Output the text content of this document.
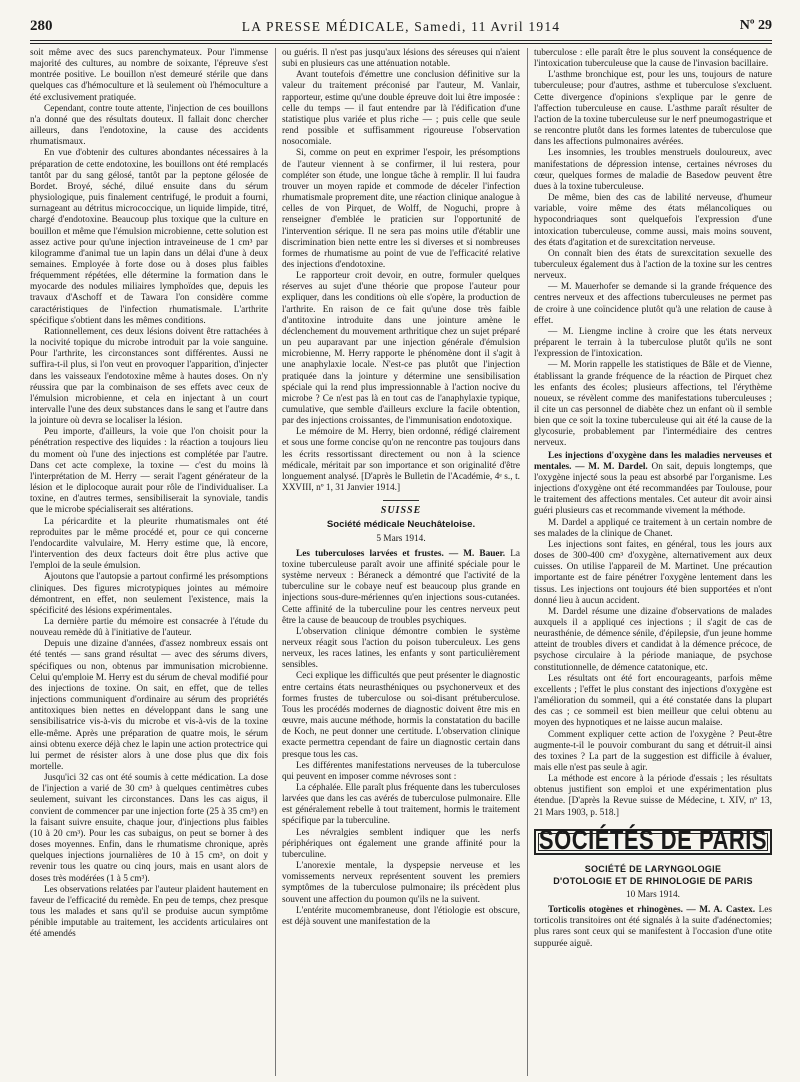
280	LA PRESSE MÉDICALE, Samedi, 11 Avril 1914	Nº 29

soit même avec des sucs parenchymateux. Pour l'immense majorité des cultures, au nombre de soixante, l'épreuve s'est montrée positive. Le bouillon n'est demeuré stérile que dans quelques cas d'hémoculture et là seulement où l'hémoculture a été exclusivement pratiquée.

Cependant, contre toute attente, l'injection de ces bouillons n'a donné que des résultats douteux. Il fallait donc chercher ailleurs, dans l'endotoxine, la cause des accidents rhumatismaux.

En vue d'obtenir des cultures abondantes nécessaires à la préparation de cette endotoxine, les bouillons ont été remplacés tantôt par du sang gélosé, tantôt par la peptone gélosée de Bordet. Broyé, séché, dilué ensuite dans du sérum physiologique, puis finalement centrifugé, le produit a fourni, surnageant au détritus micrococcique, un liquide limpide, titré, chargé d'endotoxine. Beaucoup plus toxique que la culture en bouillon et même que l'émulsion microbienne, cette solution est assez active pour qu'une injection intraveineuse de 1 cm³ par kilogramme d'animal tue un lapin dans un délai d'une à deux semaines. Employée à forte dose ou à doses plus faibles fréquemment répétées, elle détermine la formation dans le myocarde des nodules miliaires lymphoïdes que, depuis les travaux d'Aschoff et de Tawara l'on considère comme caractéristiques de l'infection rhumatismale. L'arthrite spécifique s'obtient dans les mêmes conditions.

Rationnellement, ces deux lésions doivent être rattachées à la nocivité topique du microbe introduit par la voie sanguine. Pour l'arthrite, les circonstances sont différentes. Aussi ne suffira-t-il plus, si l'on veut en provoquer l'apparition, d'injecter dans les vaisseaux l'endotoxine même à hautes doses. On n'y réussira que par la combinaison de ses effets avec ceux de l'émulsion microbienne, et cela en injectant à un court intervalle l'une des deux substances dans le sang et l'autre dans la jointure où devra se localiser la lésion.

Peu importe, d'ailleurs, la voie que l'on choisit pour la pénétration respective des liquides : la réaction a toujours lieu du moment où l'une des injections est complétée par l'autre. Dans cet acte complexe, la toxine — c'est du moins là l'interprétation de M. Herry — serait l'agent générateur de la lésion et le diplocoque aurait pour rôle de l'individualiser. La toxine, en d'autres termes, sensibiliserait la synoviale, tandis que le microbe spécialiserait ses altérations.

La péricardite et la pleurite rhumatismales ont été reproduites par le même procédé et, pour ce qui concerne l'endocardite valvulaire, M. Herry estime que, là encore, l'intervention des deux facteurs doit être plus active que l'emploi de la seule émulsion.

Ajoutons que l'autopsie a partout confirmé les présomptions cliniques. Des figures microtypiques jointes au mémoire démontrent, en effet, non seulement l'existence, mais la spécificité des lésions expérimentales.

La dernière partie du mémoire est consacrée à l'étude du nouveau remède dû à l'initiative de l'auteur.

Depuis une dizaine d'années, d'assez nombreux essais ont été tentés — sans grand résultat — avec des sérums divers, spécifiques ou non, obtenus par immunisation microbienne. Celui qu'emploie M. Herry est du sérum de cheval modifié pour des injections de toxine. On sait, en effet, que de telles injections communiquent d'ordinaire au sérum des propriétés antitoxiques bien nettes en développant dans le sang une sensibilisatrice vis-à-vis du microbe et vis-à-vis de la toxine elle-même. Après une préparation de quatre mois, le sérum ainsi obtenu exerce déjà chez le lapin une action protectrice qui lui permet de résister alors à une dose plus que dix fois mortelle.

Jusqu'ici 32 cas ont été soumis à cette médication. La dose de l'injection a varié de 30 cm³ à quelques centimètres cubes seulement, suivant les circonstances. Dans les cas aigus, il convient de commencer par une injection forte (25 à 35 cm³) en la faisant suivre ensuite, chaque jour, d'injections plus faibles (10 à 20 cm³). Pour les cas subaigus, on peut se borner à des doses moyennes. Enfin, dans le rhumatisme chronique, après quelques injections journalières de 10 à 15 cm³, on doit y revenir tous les quatre ou cinq jours, mais en usant alors de doses très modérées (1 à 5 cm³).

Les observations relatées par l'auteur plaident hautement en faveur de l'efficacité du remède. En peu de temps, chez presque tous les malades et sans qu'il se produise aucun symptôme pénible imputable au traitement, les accidents articulaires ont été amendés

ou guéris. Il n'est pas jusqu'aux lésions des séreuses qui n'aient subi en plusieurs cas une atténuation notable.

Avant toutefois d'émettre une conclusion définitive sur la valeur du traitement préconisé par l'auteur, M. Vanlair, rapporteur, estime qu'une double épreuve doit lui être imposée : celle du temps — il faut entendre par là l'édification d'une statistique plus variée et plus riche — ; puis celle que seule rend possible et suffisamment rigoureuse l'observation nosocomiale.

Si, comme on peut en exprimer l'espoir, les présomptions de l'auteur viennent à se confirmer, il lui restera, pour compléter son étude, une longue tâche à remplir. Il lui faudra trouver un moyen rapide et commode de déceler l'infection rhumatismale proprement dite, une réaction clinique analogue à celles de von Pirquet, de Wolff, de Noguchi, propre à renseigner d'emblée le praticien sur l'opportunité de l'intervention sérique. Il ne sera pas moins utile d'établir une discrimination bien nette entre les si diverses et si nombreuses formes de rhumatisme au point de vue de l'efficacité relative des injections d'endotoxine.

Le rapporteur croit devoir, en outre, formuler quelques réserves au sujet d'une théorie que propose l'auteur pour expliquer, dans les conditions où elle s'opère, la production de l'arthrite. En raison de ce fait qu'une dose très faible d'antitoxine introduite dans une jointure amène le déclenchement du mouvement arthritique chez un sujet préparé un peu auparavant par une injection générale d'émulsion microbienne, M. Herry rapporte le phénomène dont il s'agit à une anaphylaxie locale. N'est-ce pas plutôt que l'injection pratiquée dans la jointure y détermine une sensibilisation spéciale qui la rend plus impressionnable à l'action nocive du microbe ? Ce n'est pas là en tout cas de l'anaphylaxie typique, cumulative, que semble d'ailleurs exclure la facile obtention, par des injections croissantes, de l'immunisation endotoxique.

Le mémoire de M. Herry, bien ordonné, rédigé clairement et sous une forme concise qu'on ne rencontre pas toujours dans les écrits ressortissant directement ou non à la science médicale, méritait par son importance et son originalité d'être longuement analysé. [D'après le Bulletin de l'Académie, 4ᵉ s., t. XXVIII, nº 1, 31 Janvier 1914.]

SUISSE
Société médicale Neuchâteloise.
5 Mars 1914.

Les tuberculoses larvées et frustes. — M. Bauer. La toxine tuberculeuse paraît avoir une affinité spéciale pour le système nerveux : Béraneck a démontré que l'activité de la tuberculine sur le cobaye neuf est beaucoup plus grande en injections sous-dure-mériennes qu'en injections sous-cutanées. Cette affinité de la tuberculine pour les centres nerveux peut être la cause de beaucoup de troubles psychiques.

L'observation clinique démontre combien le système nerveux réagit sous l'action du poison tuberculeux. Les gens nerveux, les races latines, les enfants y sont particulièrement sensibles.

Ceci explique les difficultés que peut présenter le diagnostic entre certains états neurasthéniques ou psychonerveux et des formes frustes de tuberculose ou soi-disant prétuberculose. Tous les procédés modernes de diagnostic doivent être mis en œuvre, mais aucune méthode, hormis la constatation du bacille de Koch, ne peut donner une certitude. L'observation clinique exacte permettra cependant de faire un diagnostic certain dans presque tous les cas.

Les différentes manifestations nerveuses de la tuberculose qui peuvent en imposer comme névroses sont :

La céphalée. Elle paraît plus fréquente dans les tuberculoses larvées que dans les cas avérés de tuberculose pulmonaire. Elle est généralement rebelle à tout traitement, hormis le traitement spécifique par la tuberculine.

Les névralgies semblent indiquer que les nerfs périphériques ont également une grande affinité pour la tuberculine.

L'anorexie mentale, la dyspepsie nerveuse et les vomissements nerveux représentent souvent les premiers symptômes de la tuberculose pulmonaire; ils précèdent plus souvent une affection du poumon qu'ils ne la suivent.

L'entérite mucomembraneuse, dont l'étiologie est obscure, est déjà souvent une manifestation de la

tuberculose : elle paraît être le plus souvent la conséquence de l'intoxication tuberculeuse que la cause de l'invasion bacillaire.

L'asthme bronchique est, pour les uns, toujours de nature tuberculeuse; pour d'autres, asthme et tuberculose s'excluent. Cette divergence d'opinions s'explique par le genre de l'affection tuberculeuse en cause. L'asthme paraît résulter de l'action de la toxine tuberculeuse sur le nerf pneumogastrique et se rencontre plutôt dans les formes latentes de tuberculose que dans les affections pulmonaires avérées.

Les insomnies, les troubles menstruels douloureux, avec manifestations de dépression intense, certaines névroses du cœur, quelques formes de maladie de Basedow peuvent être dues à la toxine tuberculeuse.

De même, bien des cas de labilité nerveuse, d'humeur variable, voire même des états mélancoliques ou hypocondriaques sont quelquefois l'expression d'une intoxication tuberculeuse, comme aussi, mais moins souvent, des états d'agitation et de surexcitation nerveuse.

On connaît bien des états de surexcitation sexuelle des tuberculeux également dus à l'action de la toxine sur les centres nerveux.

— M. Mauerhofer se demande si la grande fréquence des centres nerveux et des affections tuberculeuses ne permet pas de croire à une coïncidence plutôt qu'à une relation de cause à effet.

— M. Liengme incline à croire que les états nerveux préparent le terrain à la tuberculose plutôt qu'ils ne sont l'expression de l'intoxication.

— M. Morin rappelle les statistiques de Bâle et de Vienne, établissant la grande fréquence de la réaction de Pirquet chez les enfants des écoles; plusieurs affections, tel l'érythème noueux, se révèlent comme des manifestations tuberculeuses ; il cite un cas personnel de diabète chez un enfant où il semble bien que ce soit la toxine tuberculeuse qui ait été la cause de la glycosurie, probablement par l'intermédiaire des centres nerveux.

Les injections d'oxygène dans les maladies nerveuses et mentales. — M. M. Dardel. On sait, depuis longtemps, que l'oxygène injecté sous la peau est absorbé par l'organisme. Les injections d'oxygène ont été recommandées par Toulouse, pour le traitement des affections mentales. Cet auteur dit avoir ainsi guéri plusieurs cas et recommande vivement la méthode.

M. Dardel a appliqué ce traitement à un certain nombre de ses malades de la clinique de Chanet.

Les injections sont faites, en général, tous les jours aux doses de 300-400 cm³ d'oxygène, alternativement aux deux cuisses. On utilise l'appareil de M. Martinet. Une précaution importante est de faire pénétrer l'oxygène lentement dans les tissus. Les injections ont toujours été bien supportées et n'ont donné lieu à aucun accident.

M. Dardel résume une dizaine d'observations de malades auxquels il a appliqué ces injections ; il s'agit de cas de neurasthénie, de démence sénile, d'épilepsie, d'un jeune homme atteint de troubles divers et candidat à la démence précoce, de psychose circulaire à la période maniaque, de psychose constitutionnelle, de démence catatonique, etc.

Les résultats ont été fort encourageants, parfois même excellents ; l'effet le plus constant des injections d'oxygène est l'amélioration du sommeil, qui a été constatée dans la plupart des cas ; ce sommeil est bien meilleur que celui obtenu au moyen des hypnotiques et ne laisse aucun malaise.

Comment expliquer cette action de l'oxygène ? Peut-être augmente-t-il le pouvoir comburant du sang et détruit-il ainsi des toxines ? La part de la suggestion est difficile à évaluer, mais elle n'est pas seule à agir.

La méthode est encore à la période d'essais ; les résultats obtenus justifient son emploi et une expérimentation plus étendue. [D'après la Revue suisse de Médecine, t. XIV, nº 13, 21 Mars 1903, p. 518.]

SOCIÉTÉS DE PARIS
SOCIÉTÉ DE LARYNGOLOGIE
D'OTOLOGIE ET DE RHINOLOGIE DE PARIS
10 Mars 1914.

Torticolis otogènes et rhinogènes. — M. A. Castex. Les torticolis transitoires ont été signalés à la suite d'adénectomies; plus rares sont ceux qui se manifestent à l'occasion d'une otite suppurée aiguë.
